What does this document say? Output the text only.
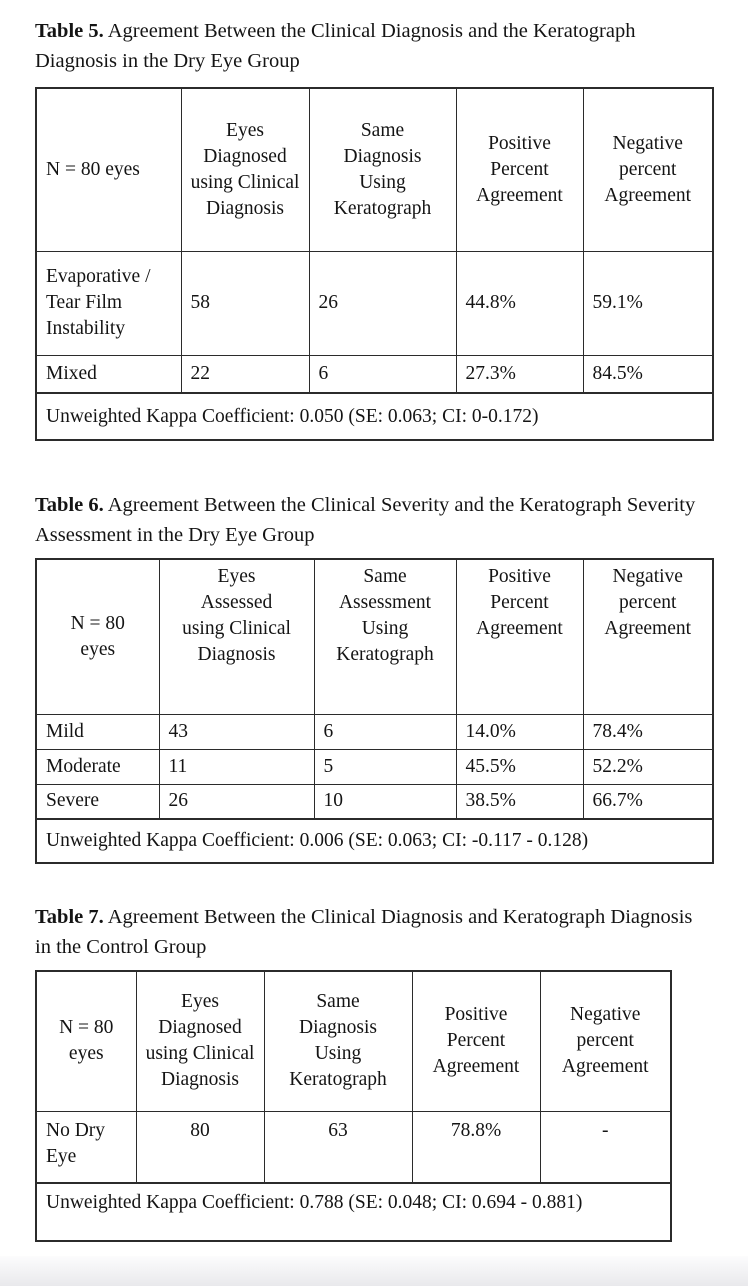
Table 5. Agreement Between the Clinical Diagnosis and the Keratograph Diagnosis in the Dry Eye Group

N = 80 eyes	Eyes Diagnosed using Clinical Diagnosis	Same Diagnosis Using Keratograph	Positive Percent Agreement	Negative percent Agreement
Evaporative / Tear Film Instability	58	26	44.8%	59.1%
Mixed	22	6	27.3%	84.5%
Unweighted Kappa Coefficient: 0.050 (SE: 0.063; CI: 0-0.172)				

Table 6. Agreement Between the Clinical Severity and the Keratograph Severity Assessment in the Dry Eye Group

N = 80 eyes	Eyes Assessed using Clinical Diagnosis	Same Assessment Using Keratograph	Positive Percent Agreement	Negative percent Agreement
Mild	43	6	14.0%	78.4%
Moderate	11	5	45.5%	52.2%
Severe	26	10	38.5%	66.7%
Unweighted Kappa Coefficient: 0.006 (SE: 0.063; CI: -0.117 - 0.128)				

Table 7. Agreement Between the Clinical Diagnosis and Keratograph Diagnosis in the Control Group

N = 80 eyes	Eyes Diagnosed using Clinical Diagnosis	Same Diagnosis Using Keratograph	Positive Percent Agreement	Negative percent Agreement
No Dry Eye	80	63	78.8%	-
Unweighted Kappa Coefficient: 0.788 (SE: 0.048; CI: 0.694 - 0.881)				
